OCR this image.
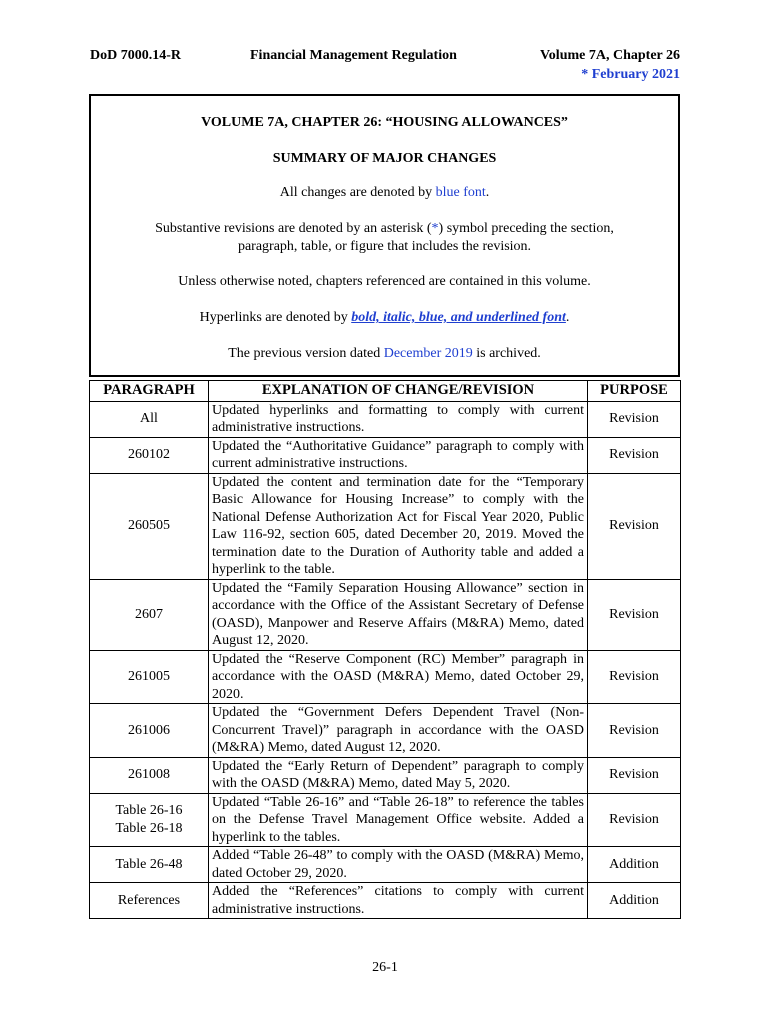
DoD 7000.14-R	Financial Management Regulation	Volume 7A, Chapter 26
* February 2021

VOLUME 7A, CHAPTER 26: “HOUSING ALLOWANCES”

SUMMARY OF MAJOR CHANGES

All changes are denoted by blue font.

Substantive revisions are denoted by an asterisk (*) symbol preceding the section,

paragraph, table, or figure that includes the revision.

Unless otherwise noted, chapters referenced are contained in this volume.

Hyperlinks are denoted by bold, italic, blue, and underlined font.

The previous version dated December 2019 is archived.

PARAGRAPH	EXPLANATION OF CHANGE/REVISION	PURPOSE
All	Updated hyperlinks and formatting to comply with current administrative instructions.	Revision
260102	Updated the “Authoritative Guidance” paragraph to comply with current administrative instructions.	Revision
260505	Updated the content and termination date for the “Temporary Basic Allowance for Housing Increase” to comply with the National Defense Authorization Act for Fiscal Year 2020, Public Law 116-92, section 605, dated December 20, 2019. Moved the termination date to the Duration of Authority table and added a hyperlink to the table.	Revision
2607	Updated the “Family Separation Housing Allowance” section in accordance with the Office of the Assistant Secretary of Defense (OASD), Manpower and Reserve Affairs (M&RA) Memo, dated August 12, 2020.	Revision
261005	Updated the “Reserve Component (RC) Member” paragraph in accordance with the OASD (M&RA) Memo, dated October 29, 2020.	Revision
261006	Updated the “Government Defers Dependent Travel (Non-Concurrent Travel)” paragraph in accordance with the OASD (M&RA) Memo, dated August 12, 2020.	Revision
261008	Updated the “Early Return of Dependent” paragraph to comply with the OASD (M&RA) Memo, dated May 5, 2020.	Revision
Table 26-16
Table 26-18	Updated “Table 26-16” and “Table 26-18” to reference the tables on the Defense Travel Management Office website. Added a hyperlink to the tables.	Revision
Table 26-48	Added “Table 26-48” to comply with the OASD (M&RA) Memo, dated October 29, 2020.	Addition
References	Added the “References” citations to comply with current administrative instructions.	Addition
26-1
